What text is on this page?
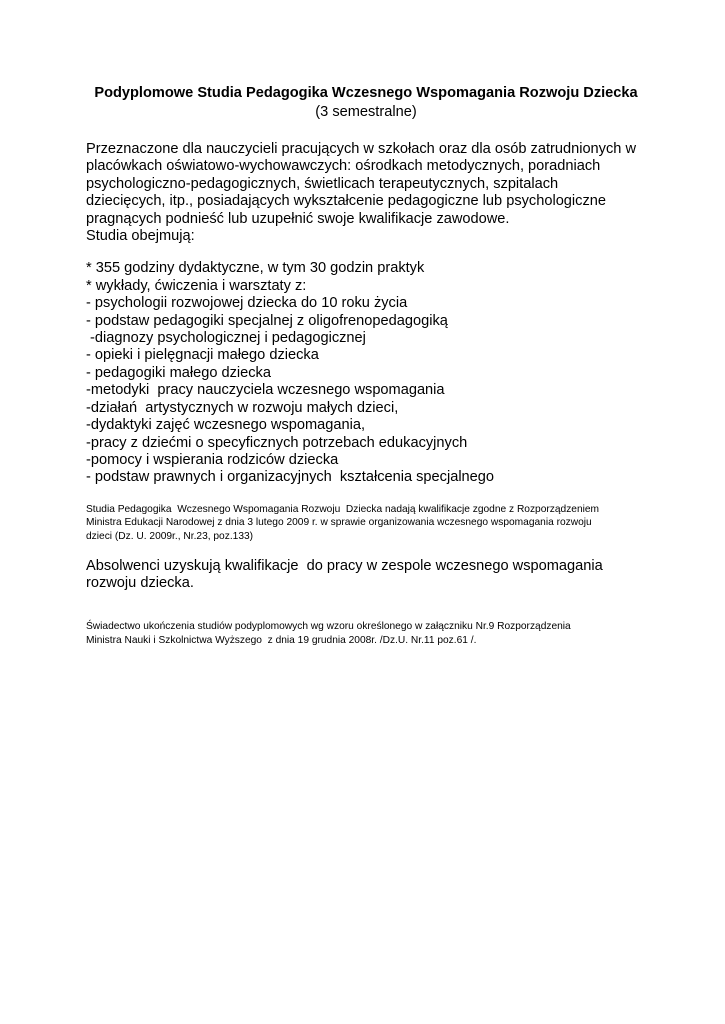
Podyplomowe Studia Pedagogika Wczesnego Wspomagania Rozwoju Dziecka
(3 semestralne)
Przeznaczone dla nauczycieli pracujących w szkołach oraz dla osób zatrudnionych w
placówkach oświatowo-wychowawczych: ośrodkach metodycznych, poradniach
psychologiczno-pedagogicznych, świetlicach terapeutycznych, szpitalach
dziecięcych, itp., posiadających wykształcenie pedagogiczne lub psychologiczne
pragnących podnieść lub uzupełnić swoje kwalifikacje zawodowe.
Studia obejmują:
* 355 godziny dydaktyczne, w tym 30 godzin praktyk
* wykłady, ćwiczenia i warsztaty z:
- psychologii rozwojowej dziecka do 10 roku życia
- podstaw pedagogiki specjalnej z oligofrenopedagogiką
-diagnozy psychologicznej i pedagogicznej
- opieki i pielęgnacji małego dziecka
- pedagogiki małego dziecka
-metodyki  pracy nauczyciela wczesnego wspomagania
-działań  artystycznych w rozwoju małych dzieci,
-dydaktyki zajęć wczesnego wspomagania,
-pracy z dziećmi o specyficznych potrzebach edukacyjnych
-pomocy i wspierania rodziców dziecka
- podstaw prawnych i organizacyjnych  kształcenia specjalnego
Studia Pedagogika  Wczesnego Wspomagania Rozwoju  Dziecka nadają kwalifikacje zgodne z Rozporządzeniem
Ministra Edukacji Narodowej z dnia 3 lutego 2009 r. w sprawie organizowania wczesnego wspomagania rozwoju
dzieci (Dz. U. 2009r., Nr.23, poz.133)
Absolwenci uzyskują kwalifikacje  do pracy w zespole wczesnego wspomagania
rozwoju dziecka.
Świadectwo ukończenia studiów podyplomowych wg wzoru określonego w załączniku Nr.9 Rozporządzenia
Ministra Nauki i Szkolnictwa Wyższego  z dnia 19 grudnia 2008r. /Dz.U. Nr.11 poz.61 /.
